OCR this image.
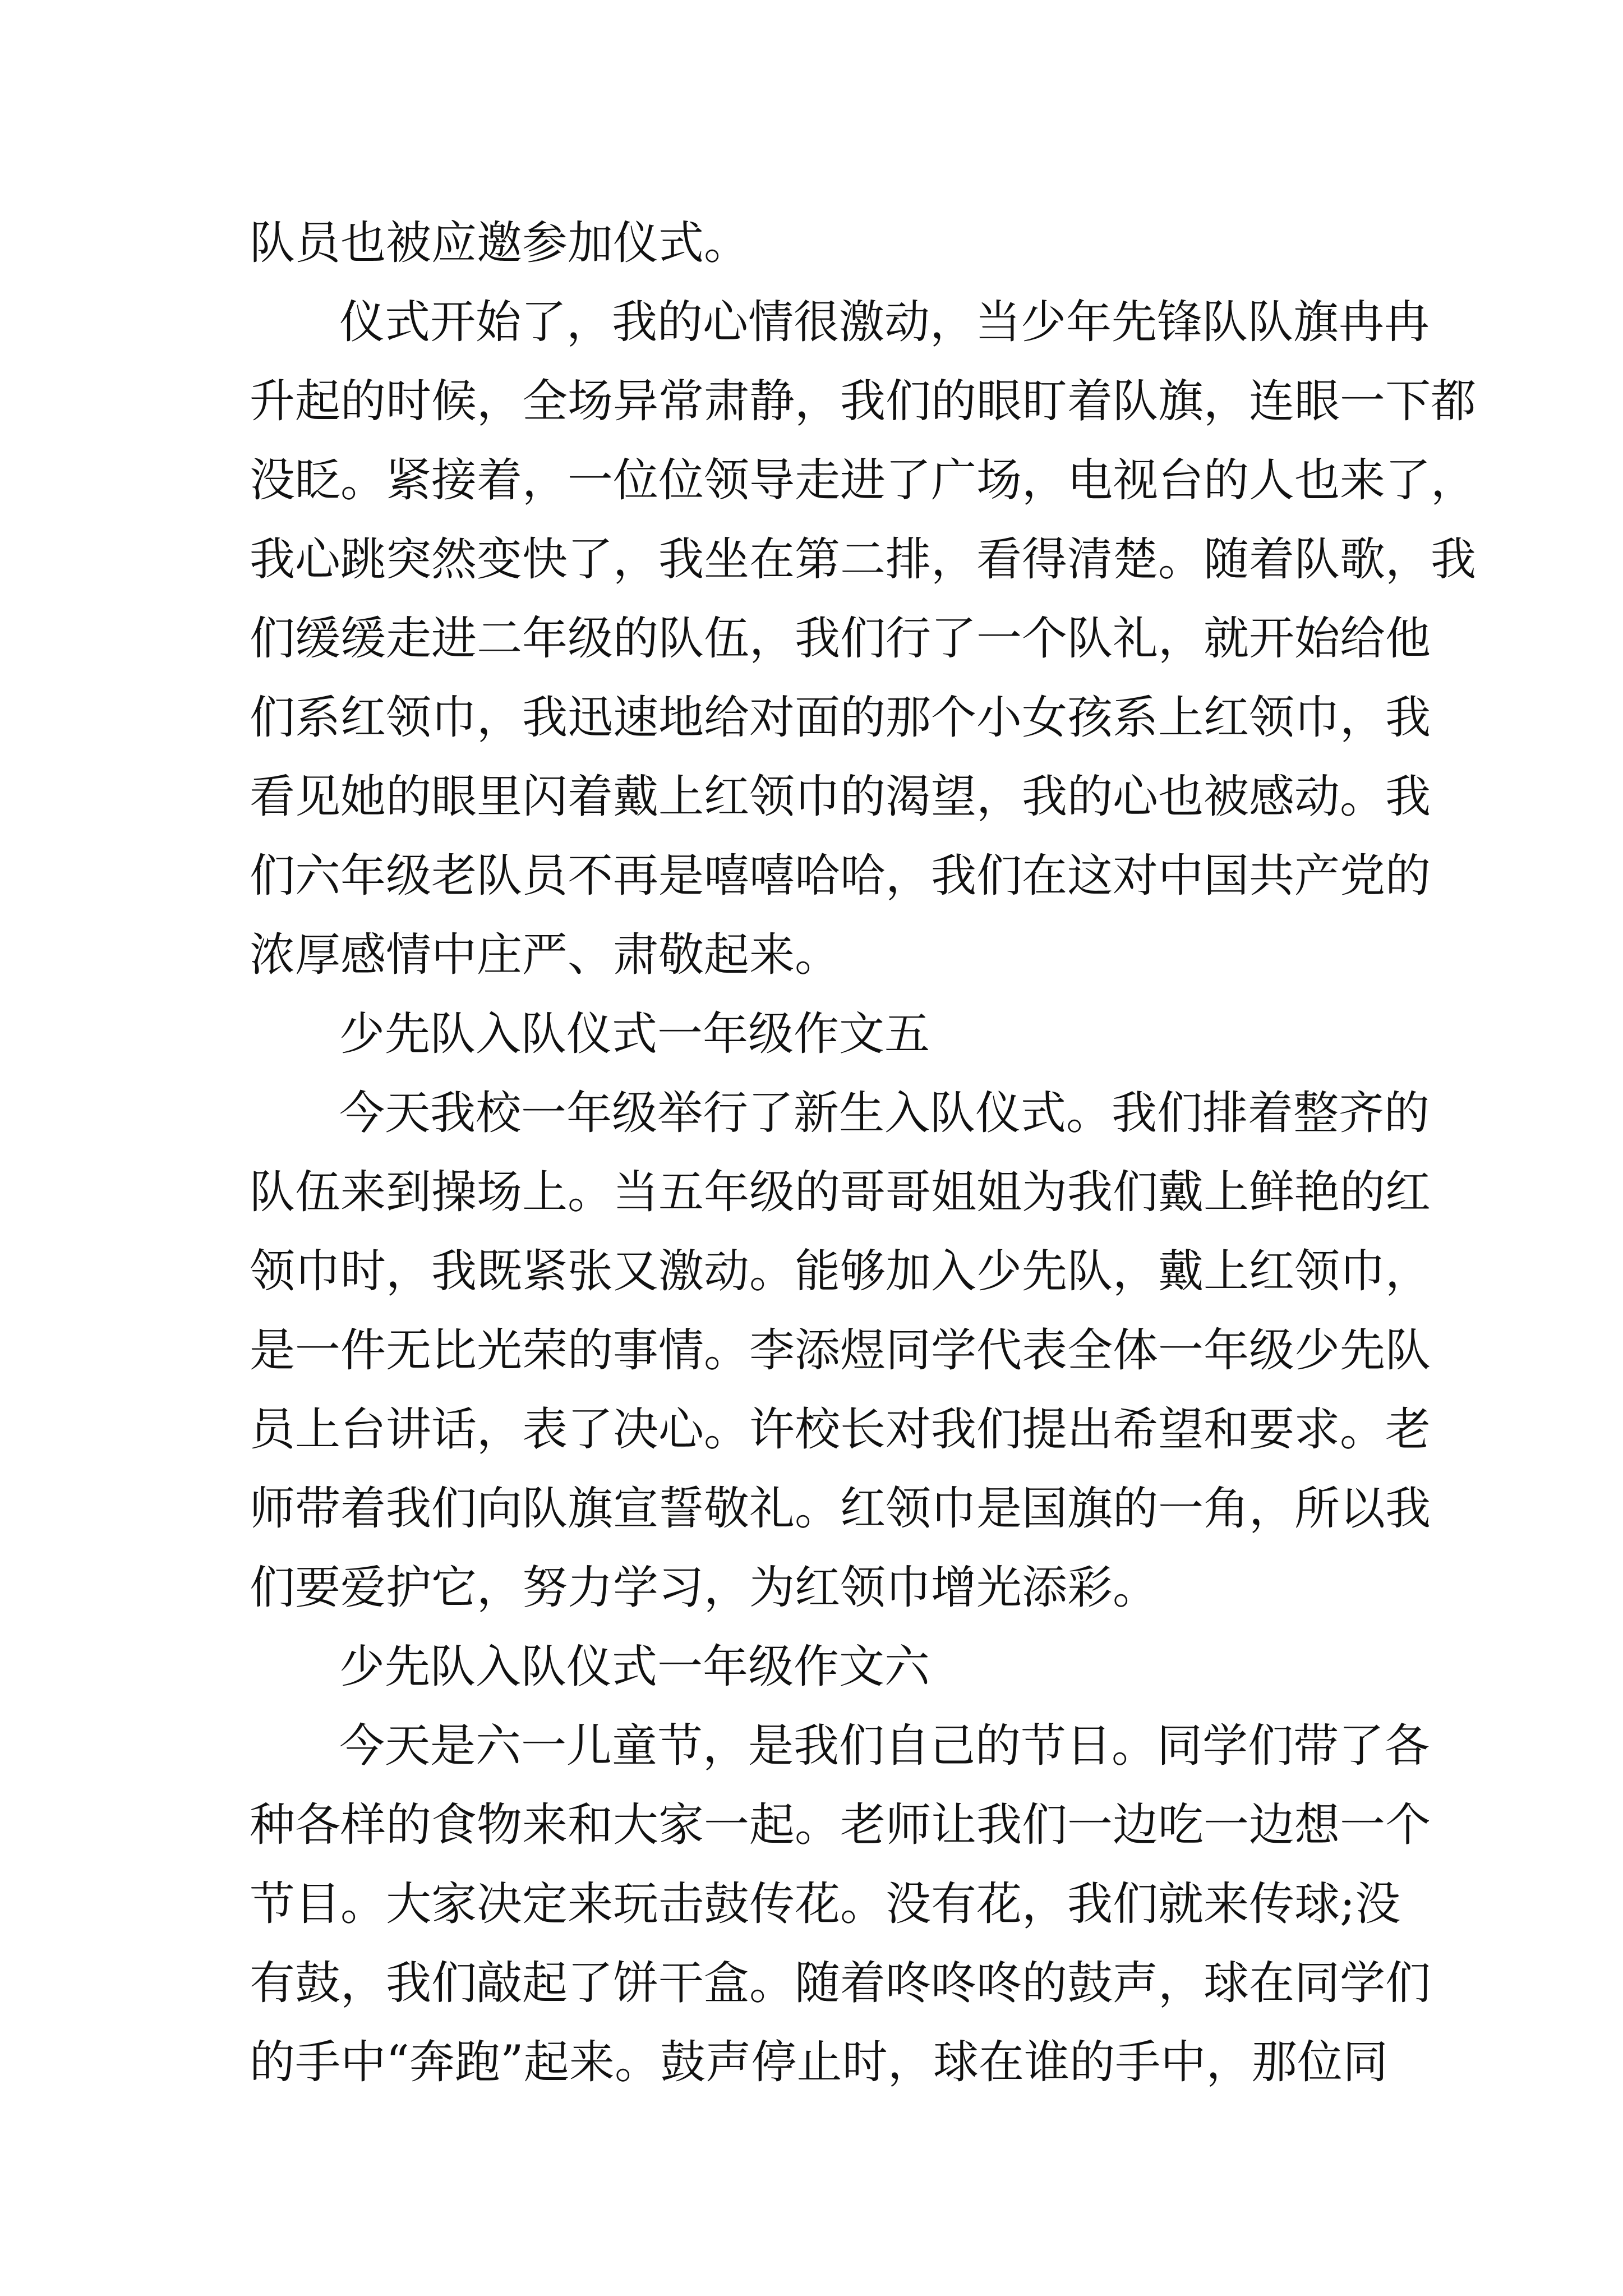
队员也被应邀参加仪式。
仪式开始了，我的心情很激动，当少年先锋队队旗冉冉
升起的时候，全场异常肃静，我们的眼盯着队旗，连眼一下都
没眨。紧接着，一位位领导走进了广场，电视台的人也来了，
我心跳突然变快了，我坐在第二排，看得清楚。随着队歌，我
们缓缓走进二年级的队伍，我们行了一个队礼，就开始给他
们系红领巾，我迅速地给对面的那个小女孩系上红领巾，我
看见她的眼里闪着戴上红领巾的渴望，我的心也被感动。我
们六年级老队员不再是嘻嘻哈哈，我们在这对中国共产党的
浓厚感情中庄严、肃敬起来。
少先队入队仪式一年级作文五
今天我校一年级举行了新生入队仪式。我们排着整齐的
队伍来到操场上。当五年级的哥哥姐姐为我们戴上鲜艳的红
领巾时，我既紧张又激动。能够加入少先队，戴上红领巾，
是一件无比光荣的事情。李添煜同学代表全体一年级少先队
员上台讲话，表了决心。许校长对我们提出希望和要求。老
师带着我们向队旗宣誓敬礼。红领巾是国旗的一角，所以我
们要爱护它，努力学习，为红领巾增光添彩。
少先队入队仪式一年级作文六
今天是六一儿童节，是我们自己的节日。同学们带了各
种各样的食物来和大家一起。老师让我们一边吃一边想一个
节目。大家决定来玩击鼓传花。没有花，我们就来传球;没
有鼓，我们敲起了饼干盒。随着咚咚咚的鼓声，球在同学们
的手中“奔跑”起来。鼓声停止时，球在谁的手中，那位同
